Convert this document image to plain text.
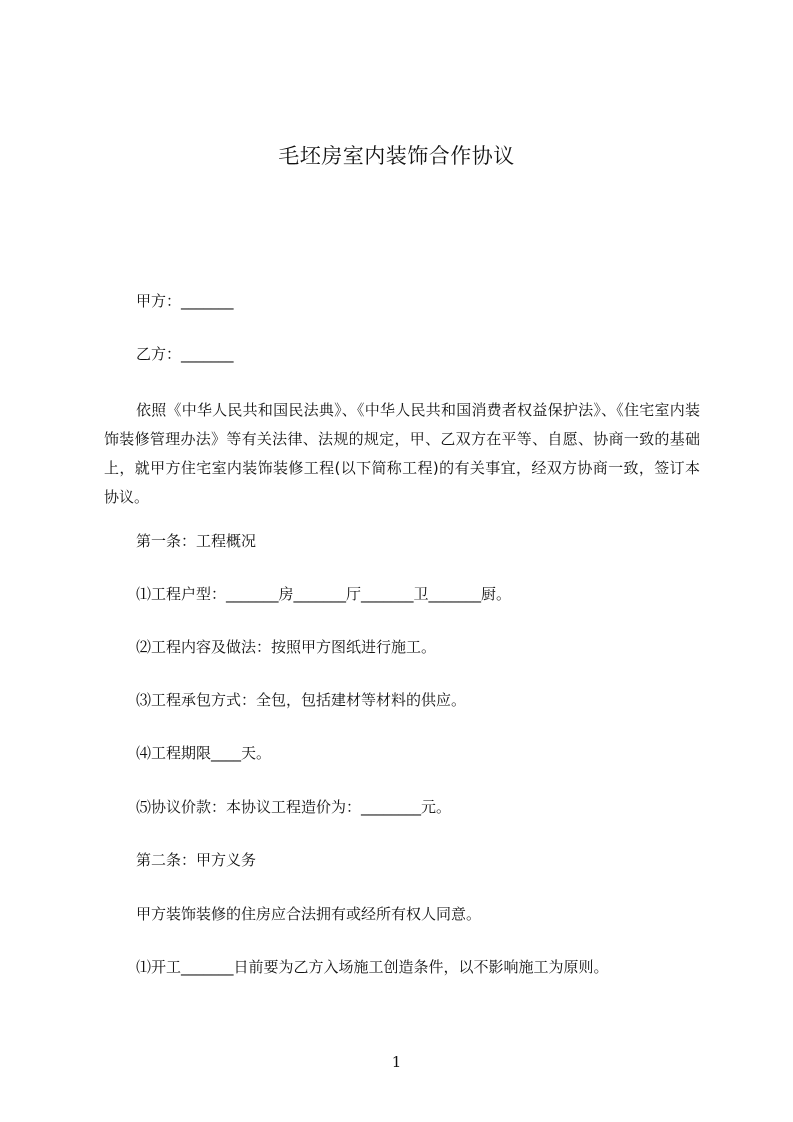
毛坯房室内装饰合作协议

甲方：_______

乙方：_______

依照《中华人民共和国民法典》、《中华人民共和国消费者权益保护法》、《住宅室内装饰装修管理办法》等有关法律、法规的规定，甲、乙双方在平等、自愿、协商一致的基础上，就甲方住宅室内装饰装修工程(以下简称工程)的有关事宜，经双方协商一致，签订本协议。

第一条：工程概况

⑴工程户型：_______房_______厅_______卫_______厨。

⑵工程内容及做法：按照甲方图纸进行施工。

⑶工程承包方式：全包，包括建材等材料的供应。

⑷工程期限____天。

⑸协议价款：本协议工程造价为：________元。

第二条：甲方义务

甲方装饰装修的住房应合法拥有或经所有权人同意。

⑴开工_______日前要为乙方入场施工创造条件，以不影响施工为原则。

1
